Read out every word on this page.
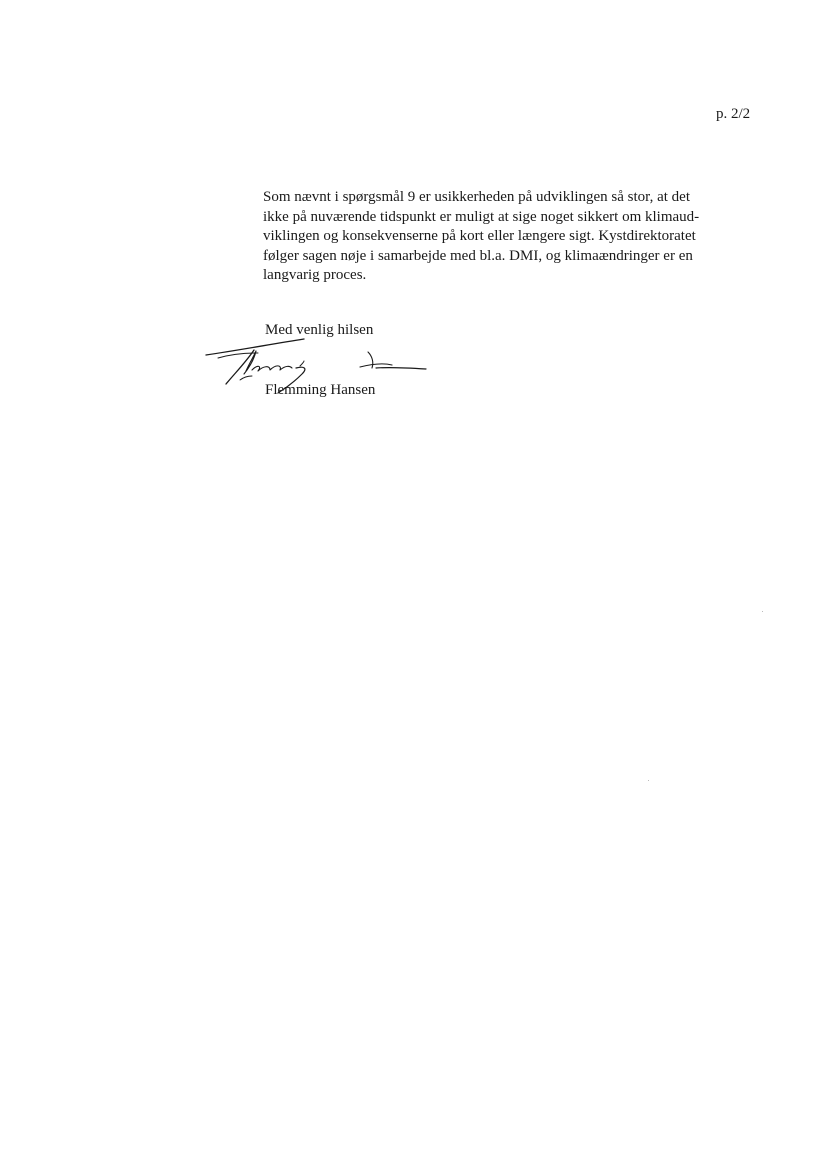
p. 2/2

Som nævnt i spørgsmål 9 er usikkerheden på udviklingen så stor, at det
ikke på nuværende tidspunkt er muligt at sige noget sikkert om klimaud-
viklingen og konsekvenserne på kort eller længere sigt. Kystdirektoratet
følger sagen nøje i samarbejde med bl.a. DMI, og klimaændringer er en
langvarig proces.

Med venlig hilsen
Flemming Hansen
